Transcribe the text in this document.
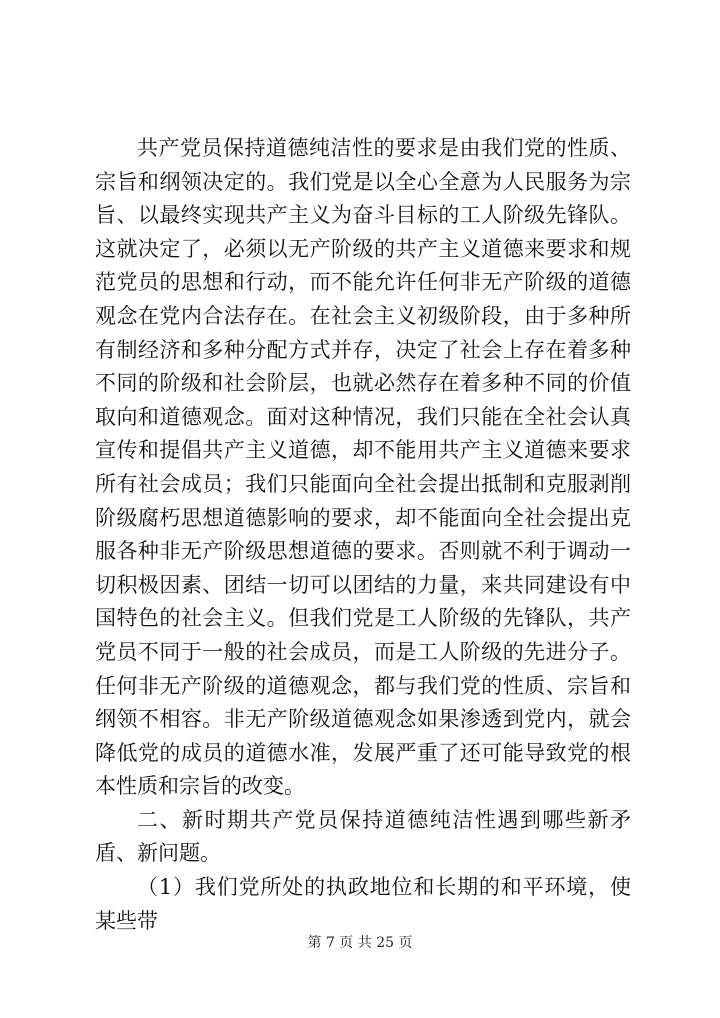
共产党员保持道德纯洁性的要求是由我们党的性质、宗旨和纲领决定的。我们党是以全心全意为人民服务为宗旨、以最终实现共产主义为奋斗目标的工人阶级先锋队。这就决定了，必须以无产阶级的共产主义道德来要求和规范党员的思想和行动，而不能允许任何非无产阶级的道德观念在党内合法存在。在社会主义初级阶段，由于多种所有制经济和多种分配方式并存，决定了社会上存在着多种不同的阶级和社会阶层，也就必然存在着多种不同的价值取向和道德观念。面对这种情况，我们只能在全社会认真宣传和提倡共产主义道德，却不能用共产主义道德来要求所有社会成员；我们只能面向全社会提出抵制和克服剥削阶级腐朽思想道德影响的要求，却不能面向全社会提出克服各种非无产阶级思想道德的要求。否则就不利于调动一切积极因素、团结一切可以团结的力量，来共同建设有中国特色的社会主义。但我们党是工人阶级的先锋队，共产党员不同于一般的社会成员，而是工人阶级的先进分子。任何非无产阶级的道德观念，都与我们党的性质、宗旨和纲领不相容。非无产阶级道德观念如果渗透到党内，就会降低党的成员的道德水准，发展严重了还可能导致党的根本性质和宗旨的改变。

二、新时期共产党员保持道德纯洁性遇到哪些新矛盾、新问题。

（1）我们党所处的执政地位和长期的和平环境，使某些带

第 7 页 共 25 页
